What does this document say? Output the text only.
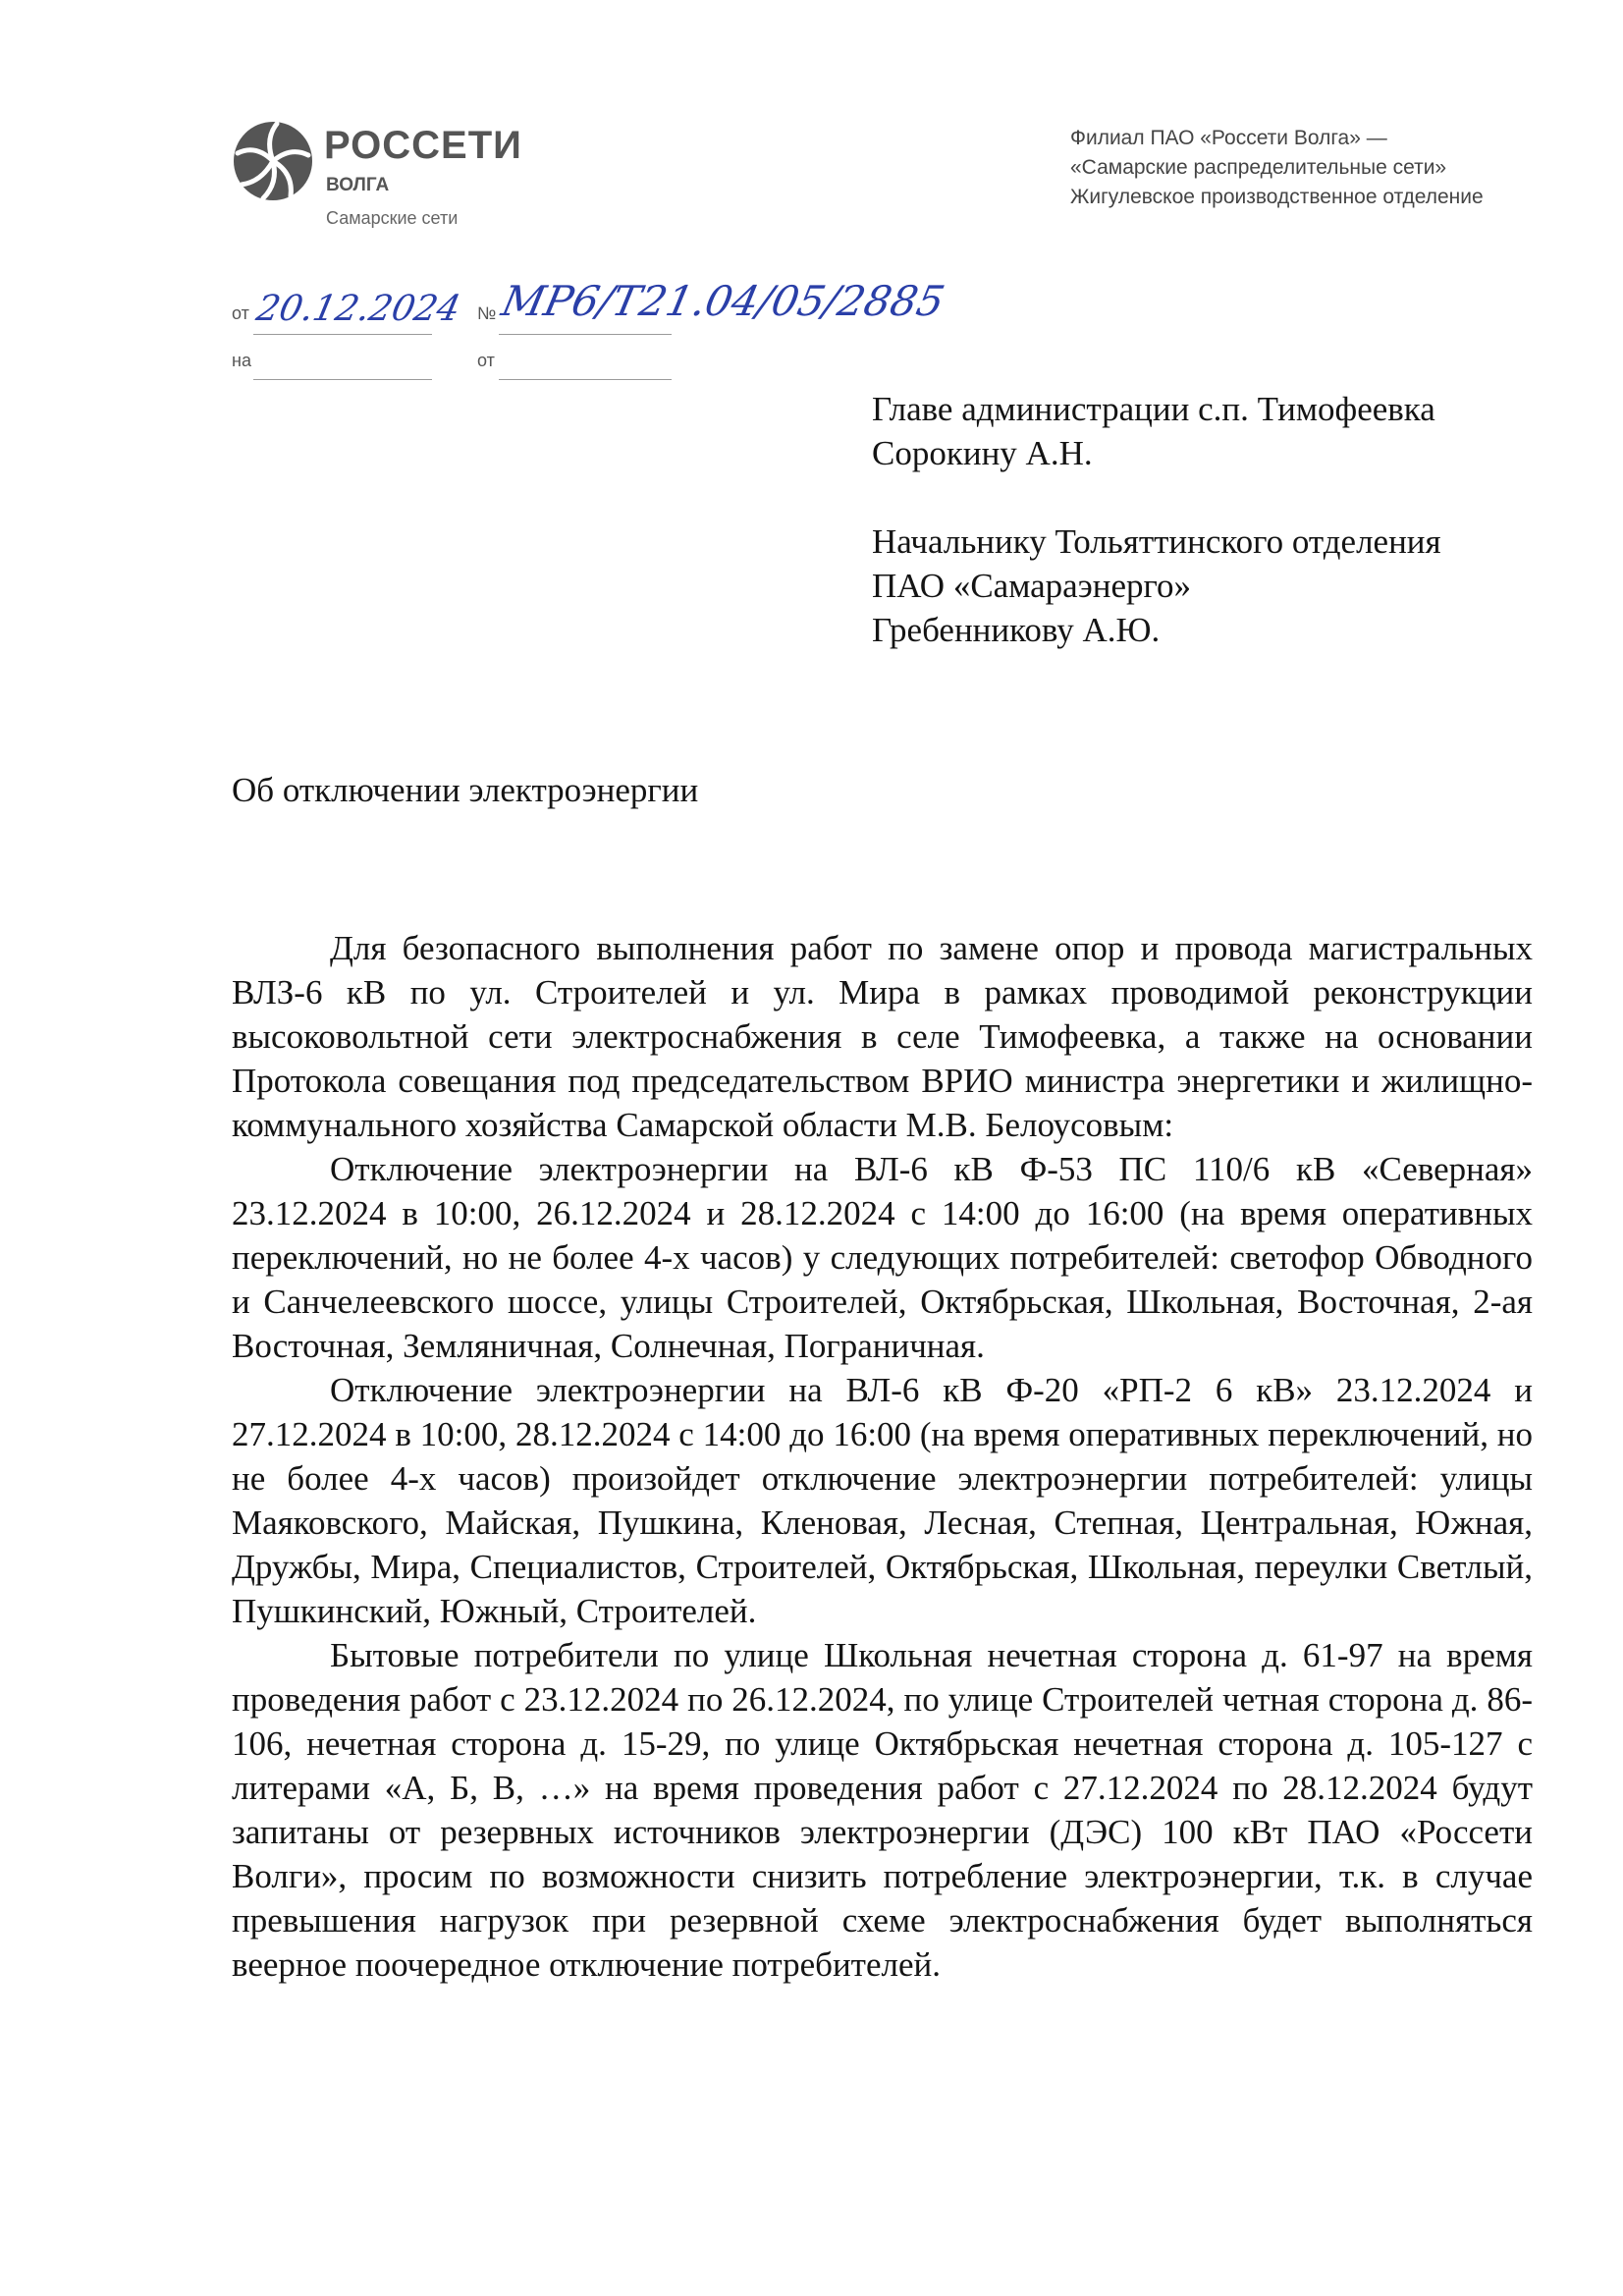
РОССЕТИ
ВОЛГА
Самарские сети
Филиал ПАО «Россети Волга» —
«Самарские распределительные сети»
Жигулевское производственное отделение
от 20.12.2024 № МР6/Т21.04/05/2885
на	от
Главе администрации с.п. Тимофеевка
Сорокину А.Н.
Начальнику Тольяттинского отделения
ПАО «Самараэнерго»
Гребенникову А.Ю.
Об отключении электроэнергии

Для безопасного выполнения работ по замене опор и провода магистральных ВЛЗ-6 кВ по ул. Строителей и ул. Мира в рамках проводимой реконструкции высоковольтной сети электроснабжения в селе Тимофеевка, а также на основании Протокола совещания под председательством ВРИО министра энергетики и жилищно-коммунального хозяйства Самарской области М.В. Белоусовым:

Отключение электроэнергии на ВЛ-6 кВ Ф-53 ПС 110/6 кВ «Северная» 23.12.2024 в 10:00, 26.12.2024 и 28.12.2024 с 14:00 до 16:00 (на время оперативных переключений, но не более 4-х часов) у следующих потребителей: светофор Обводного и Санчелеевского шоссе, улицы Строителей, Октябрьская, Школьная, Восточная, 2-ая Восточная, Земляничная, Солнечная, Пограничная.

Отключение электроэнергии на ВЛ-6 кВ Ф-20 «РП-2 6 кВ» 23.12.2024 и 27.12.2024 в 10:00, 28.12.2024 с 14:00 до 16:00 (на время оперативных переключений, но не более 4-х часов) произойдет отключение электроэнергии потребителей: улицы Маяковского, Майская, Пушкина, Кленовая, Лесная, Степная, Центральная, Южная, Дружбы, Мира, Специалистов, Строителей, Октябрьская, Школьная, переулки Светлый, Пушкинский, Южный, Строителей.

Бытовые потребители по улице Школьная нечетная сторона д. 61-97 на время проведения работ с 23.12.2024 по 26.12.2024, по улице Строителей четная сторона д. 86-106, нечетная сторона д. 15-29, по улице Октябрьская нечетная сторона д. 105-127 с литерами «А, Б, В, …» на время проведения работ с 27.12.2024 по 28.12.2024 будут запитаны от резервных источников электроэнергии (ДЭС) 100 кВт ПАО «Россети Волги», просим по возможности снизить потребление электроэнергии, т.к. в случае превышения нагрузок при резервной схеме электроснабжения будет выполняться веерное поочередное отключение потребителей.
